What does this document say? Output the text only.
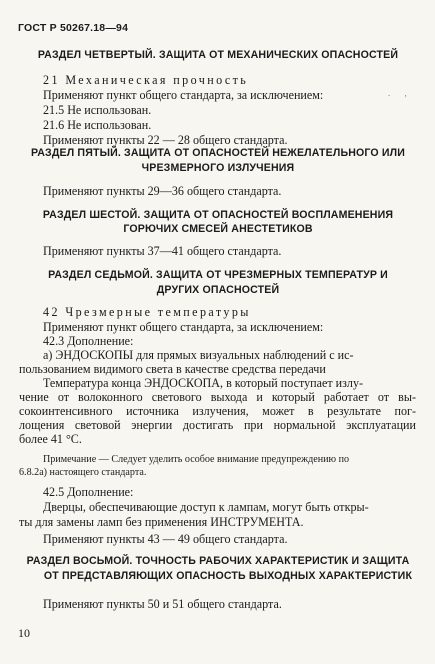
ГОСТ Р 50267.18—94
РАЗДЕЛ ЧЕТВЕРТЫЙ. ЗАЩИТА ОТ МЕХАНИЧЕСКИХ ОПАСНОСТЕЙ
21 Механическая прочность
Применяют пункт общего стандарта, за исключением:
21.5 Не использован.
21.6 Не использован.
Применяют пункты 22 — 28 общего стандарта.
. ,
РАЗДЕЛ ПЯТЫЙ. ЗАЩИТА ОТ ОПАСНОСТЕЙ НЕЖЕЛАТЕЛЬНОГО ИЛИ
ЧРЕЗМЕРНОГО ИЗЛУЧЕНИЯ
Применяют пункты 29—36 общего стандарта.
РАЗДЕЛ ШЕСТОЙ. ЗАЩИТА ОТ ОПАСНОСТЕЙ ВОСПЛАМЕНЕНИЯ
ГОРЮЧИХ СМЕСЕЙ АНЕСТЕТИКОВ
Применяют пункты 37—41 общего стандарта.
РАЗДЕЛ СЕДЬМОЙ. ЗАЩИТА ОТ ЧРЕЗМЕРНЫХ ТЕМПЕРАТУР И
ДРУГИХ ОПАСНОСТЕЙ
42 Чрезмерные температуры
Применяют пункт общего стандарта, за исключением:
42.3 Дополнение:
а) ЭНДОСКОПЫ для прямых визуальных наблюдений с ис-
пользованием видимого света в качестве средства передачи
Температура конца ЭНДОСКОПА, в который поступает излу-
чение от волоконного светового выхода и который работает от вы-
сокоинтенсивного источника излучения, может в результате пог-
лощения световой энергии достигать при нормальной эксплуатации
более 41 °С.
Примечание — Следует уделить особое внимание предупреждению по
6.8.2а) настоящего стандарта.
42.5 Дополнение:
Дверцы, обеспечивающие доступ к лампам, могут быть откры-
ты для замены ламп без применения ИНСТРУМЕНТА.
Применяют пункты 43 — 49 общего стандарта.
РАЗДЕЛ ВОСЬМОЙ. ТОЧНОСТЬ РАБОЧИХ ХАРАКТЕРИСТИК И ЗАЩИТА
ОТ ПРЕДСТАВЛЯЮЩИХ ОПАСНОСТЬ ВЫХОДНЫХ ХАРАКТЕРИСТИК
Применяют пункты 50 и 51 общего стандарта.
10
